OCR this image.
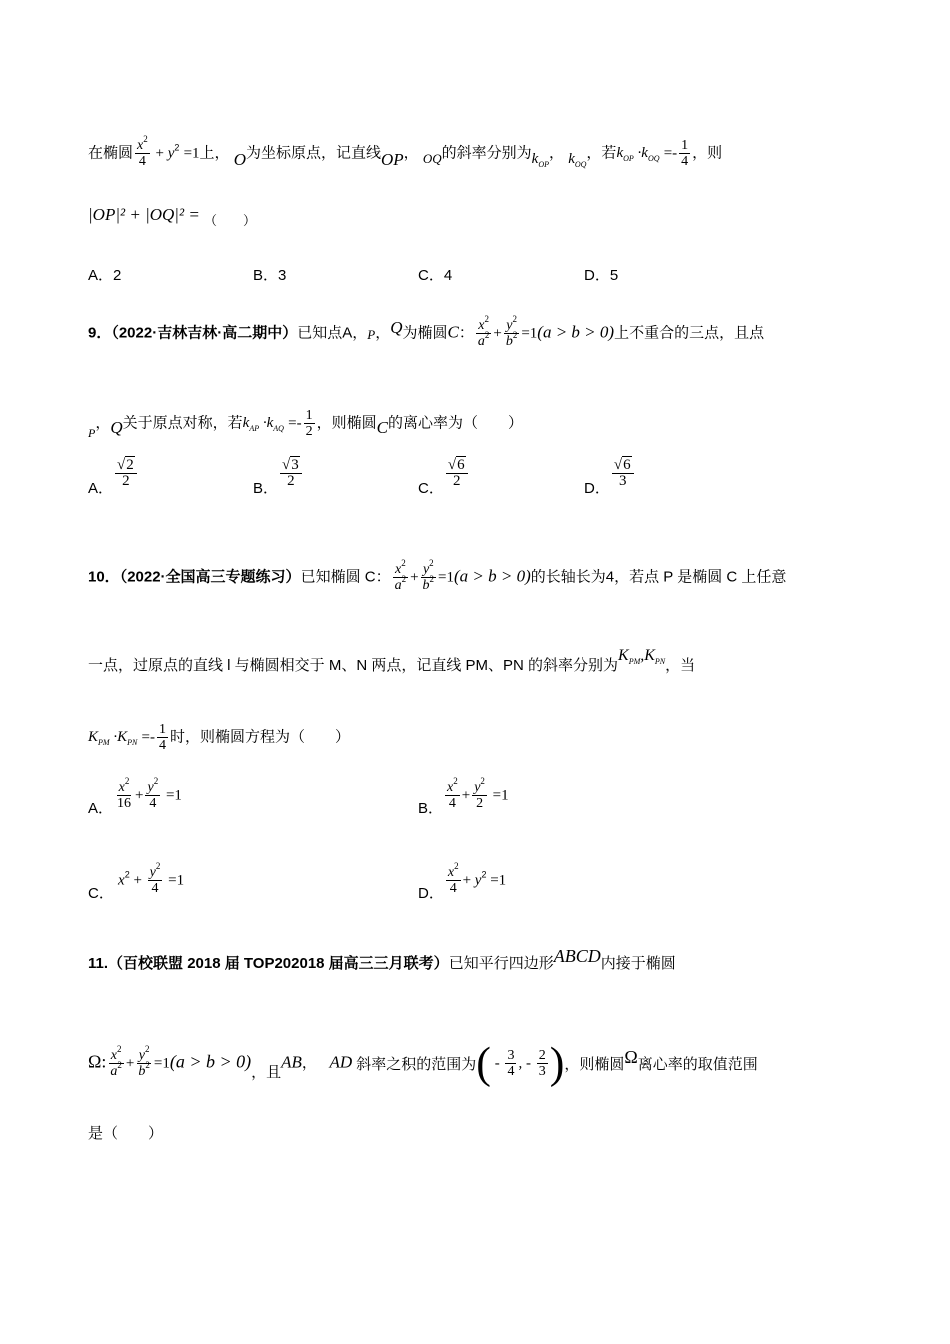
在椭圆 $\frac{x^2}{4} + y^2 =1$上， O为坐标原点，记直线OP， OQ的斜率分别为$k_{OP}$， $k_{OQ}$，若$k_{OP} \cdot k_{OQ} =- \frac{1}{4}$ ，则
|OP|² + |OQ|² = （　　）
A．2	B．3	C．4	D．5
9．（2022·吉林吉林·高二期中）已知点A，P，Q为椭圆C： $\frac{x^2}{a^2} + \frac{y^2}{b^2} =1(a > b > 0)$上不重合的三点，且点
$_P$，Q关于原点对称，若$k_{AP} \cdot k_{AQ} =- \frac{1}{2}$ ，则椭圆C的离心率为（　　）
A． $\frac{√2}{2}$	B． $\frac{√3}{2}$	C． $\frac{√6}{2}$	D． $\frac{√6}{3}$
10．（2022·全国高三专题练习）已知椭圆 C： $\frac{x^2}{a^2} + \frac{y^2}{b^2} =1(a > b > 0)$的长轴长为4，若点 P 是椭圆 C 上任意
一点，过原点的直线 l 与椭圆相交于 M、N 两点，记直线 PM、PN 的斜率分别为$K_{PM},K_{PN}$，当
$K_{PM} \cdot K_{PN} =- \frac{1}{4}$ 时，则椭圆方程为（　　）
A． $\frac{x^2}{16} + \frac{y^2}{4} =1$
B． $\frac{x^2}{4} + \frac{y^2}{2} =1$
C． $x^2 + \frac{y^2}{4} =1$
D． $\frac{x^2}{4} + y^2 =1$
11.（百校联盟 2018 届 TOP202018 届高三三月联考）已知平行四边形ABCD内接于椭圆
Ω: $\frac{x^2}{a^2} + \frac{y^2}{b^2} =1(a > b > 0)$，且AB，   AD 斜率之积的范围为( - $\frac{3}{4}$ , - $\frac{2}{3}$ )，则椭圆Ω离心率的取值范围
是（　　）
